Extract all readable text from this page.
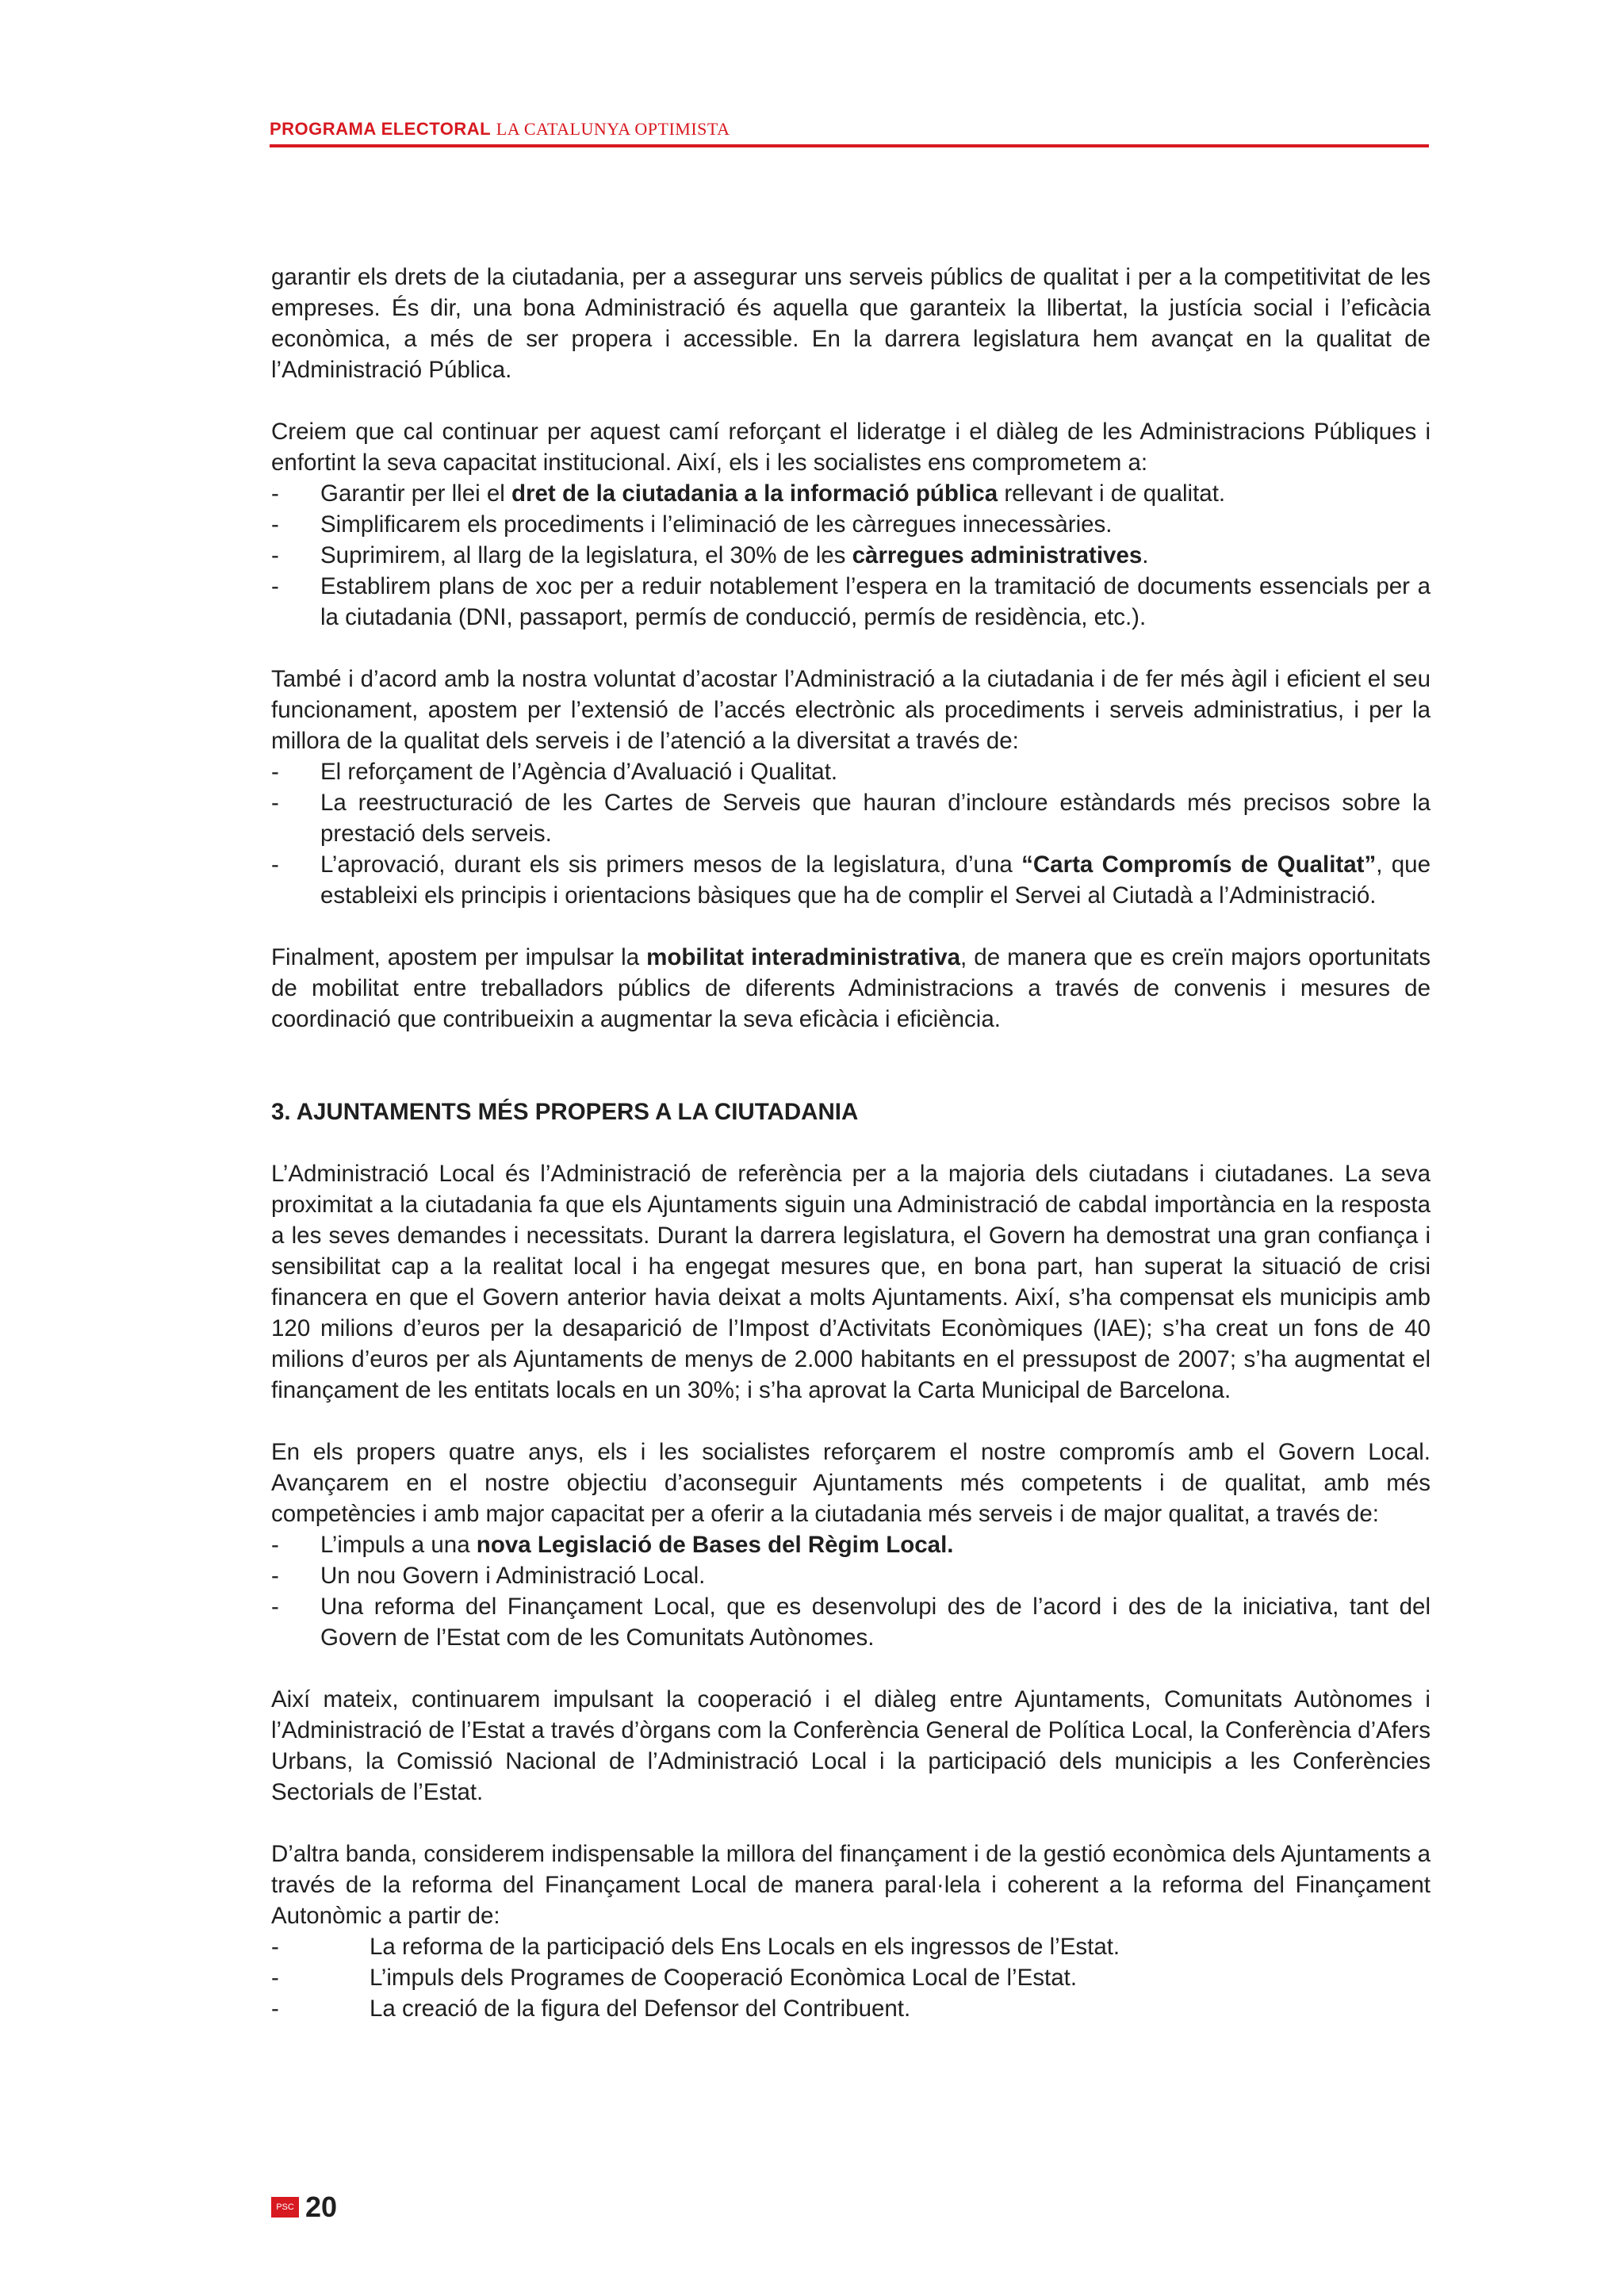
PROGRAMA ELECTORAL LA CATALUNYA OPTIMISTA

garantir els drets de la ciutadania, per a assegurar uns serveis públics de qualitat i per a la competitivitat de les empreses. És dir, una bona Administració és aquella que garanteix la llibertat, la justícia social i l’eficàcia econòmica, a més de ser propera i accessible. En la darrera legislatura hem avançat en la qualitat de l’Administració Pública.

Creiem que cal continuar per aquest camí reforçant el lideratge i el diàleg de les Administracions Públiques i enfortint la seva capacitat institucional. Així, els i les socialistes ens comprometem a:

- Garantir per llei el dret de la ciutadania a la informació pública rellevant i de qualitat.
- Simplificarem els procediments i l’eliminació de les càrregues innecessàries.
- Suprimirem, al llarg de la legislatura, el 30% de les càrregues administratives.
- Establirem plans de xoc per a reduir notablement l’espera en la tramitació de documents essencials per a la ciutadania (DNI, passaport, permís de conducció, permís de residència, etc.).

També i d’acord amb la nostra voluntat d’acostar l’Administració a la ciutadania i de fer més àgil i eficient el seu funcionament, apostem per l’extensió de l’accés electrònic als procediments i serveis administratius, i per la millora de la qualitat dels serveis i de l’atenció a la diversitat a través de:

- El reforçament de l’Agència d’Avaluació i Qualitat.
- La reestructuració de les Cartes de Serveis que hauran d’incloure estàndards més precisos sobre la prestació dels serveis.
- L’aprovació, durant els sis primers mesos de la legislatura, d’una “Carta Compromís de Qualitat”, que estableixi els principis i orientacions bàsiques que ha de complir el Servei al Ciutadà a l’Administració.

Finalment, apostem per impulsar la mobilitat interadministrativa, de manera que es creïn majors oportunitats de mobilitat entre treballadors públics de diferents Administracions a través de convenis i mesures de coordinació que contribueixin a augmentar la seva eficàcia i eficiència.

3. AJUNTAMENTS MÉS PROPERS A LA CIUTADANIA

L’Administració Local és l’Administració de referència per a la majoria dels ciutadans i ciutadanes. La seva proximitat a la ciutadania fa que els Ajuntaments siguin una Administració de cabdal importància en la resposta a les seves demandes i necessitats. Durant la darrera legislatura, el Govern ha demostrat una gran confiança i sensibilitat cap a la realitat local i ha engegat mesures que, en bona part, han superat la situació de crisi financera en que el Govern anterior havia deixat a molts Ajuntaments. Així, s’ha compensat els municipis amb 120 milions d’euros per la desaparició de l’Impost d’Activitats Econòmiques (IAE); s’ha creat un fons de 40 milions d’euros per als Ajuntaments de menys de 2.000 habitants en el pressupost de 2007; s’ha augmentat el finançament de les entitats locals en un 30%; i s’ha aprovat la Carta Municipal de Barcelona.

En els propers quatre anys, els i les socialistes reforçarem el nostre compromís amb el Govern Local. Avançarem en el nostre objectiu d’aconseguir Ajuntaments més competents i de qualitat, amb més competències i amb major capacitat per a oferir a la ciutadania més serveis i de major qualitat, a través de:

- L’impuls a una nova Legislació de Bases del Règim Local.
- Un nou Govern i Administració Local.
- Una reforma del Finançament Local, que es desenvolupi des de l’acord i des de la iniciativa, tant del Govern de l’Estat com de les Comunitats Autònomes.

Així mateix, continuarem impulsant la cooperació i el diàleg entre Ajuntaments, Comunitats Autònomes i l’Administració de l’Estat a través d’òrgans com la Conferència General de Política Local, la Conferència d’Afers Urbans, la Comissió Nacional de l’Administració Local i la participació dels municipis a les Conferències Sectorials de l’Estat.

D’altra banda, considerem indispensable la millora del finançament i de la gestió econòmica dels Ajuntaments a través de la reforma del Finançament Local de manera paral·lela i coherent a la reforma del Finançament Autonòmic a partir de:

-	La reforma de la participació dels Ens Locals en els ingressos de l’Estat.
-	L’impuls dels Programes de Cooperació Econòmica Local de l’Estat.
-	La creació de la figura del Defensor del Contribuent.
PSC 20
